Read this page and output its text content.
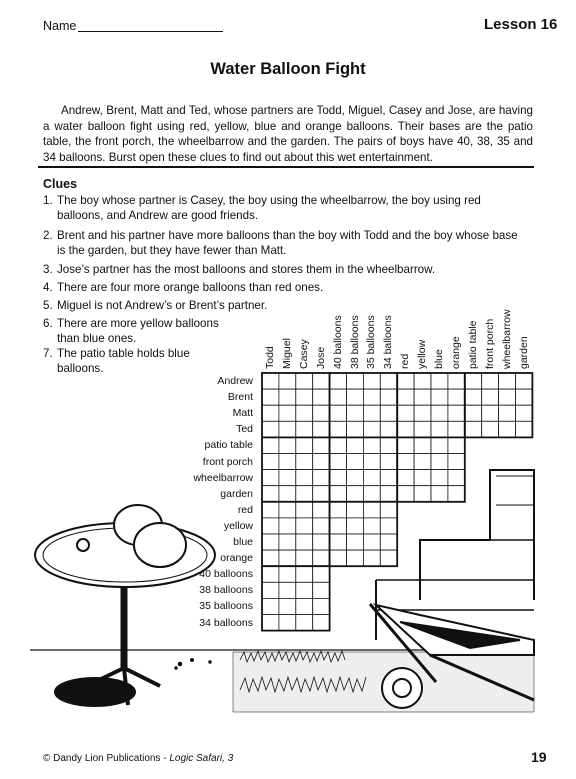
Name	Lesson 16
Water Balloon Fight
Andrew, Brent, Matt and Ted, whose partners are Todd, Miguel, Casey and Jose, are having a water balloon fight using red, yellow, blue and orange balloons. Their bases are the patio table, the front porch, the wheelbarrow and the garden. The pairs of boys have 40, 38, 35 and 34 balloons. Burst open these clues to find out about this wet entertainment.
Clues
1. The boy whose partner is Casey, the boy using the wheelbarrow, the boy using red balloons, and Andrew are good friends.
2. Brent and his partner have more balloons than the boy with Todd and the boy whose base is the garden, but they have fewer than Matt.
3. Jose’s partner has the most balloons and stores them in the wheelbarrow.
4. There are four more orange balloons than red ones.
5. Miguel is not Andrew’s or Brent’s partner.
6. There are more yellow balloons than blue ones.
7. The patio table holds blue balloons.
Andrew
Brent
Matt
Ted
patio table
front porch
wheelbarrow
garden
red
yellow
blue
orange
40 balloons
38 balloons
35 balloons
34 balloons
Todd Miguel Casey Jose 40 balloons 38 balloons 35 balloons 34 balloons red yellow blue orange patio table front porch wheelbarrow garden
© Dandy Lion Publications - Logic Safari, 3	19
